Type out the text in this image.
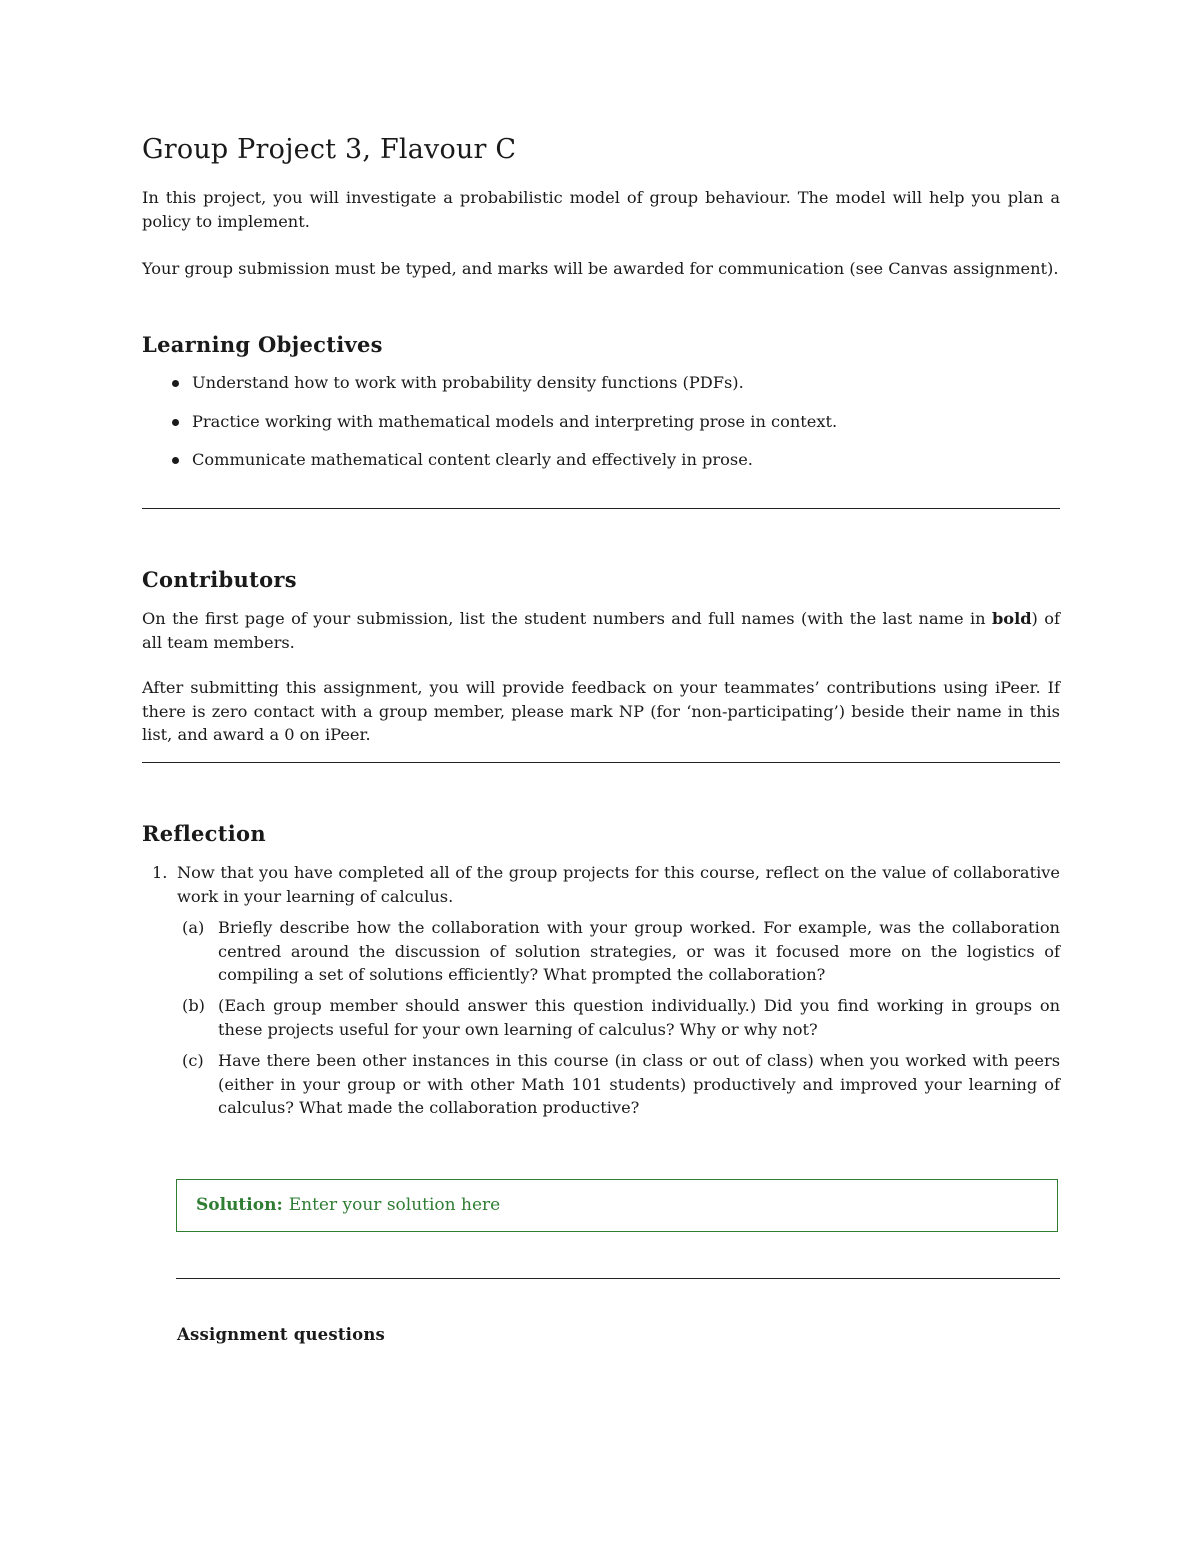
Group Project 3, Flavour C

In this project, you will investigate a probabilistic model of group behaviour. The model will help you plan a policy to implement.

Your group submission must be typed, and marks will be awarded for communication (see Canvas assignment).

Learning Objectives
Understand how to work with probability density functions (PDFs).
Practice working with mathematical models and interpreting prose in context.
Communicate mathematical content clearly and effectively in prose.
Contributors

On the first page of your submission, list the student numbers and full names (with the last name in bold) of all team members.

After submitting this assignment, you will provide feedback on your teammates’ contributions using iPeer. If there is zero contact with a group member, please mark NP (for ‘non-participating’) beside their name in this list, and award a 0 on iPeer.

Reflection
1. Now that you have completed all of the group projects for this course, reflect on the value of collaborative work in your learning of calculus.

(a) Briefly describe how the collaboration with your group worked. For example, was the collaboration centred around the discussion of solution strategies, or was it focused more on the logistics of compiling a set of solutions efficiently? What prompted the collaboration?

(b) (Each group member should answer this question individually.) Did you find working in groups on these projects useful for your own learning of calculus? Why or why not?

(c) Have there been other instances in this course (in class or out of class) when you worked with peers (either in your group or with other Math 101 students) productively and improved your learning of calculus? What made the collaboration productive?

Solution: Enter your solution here
Assignment questions
